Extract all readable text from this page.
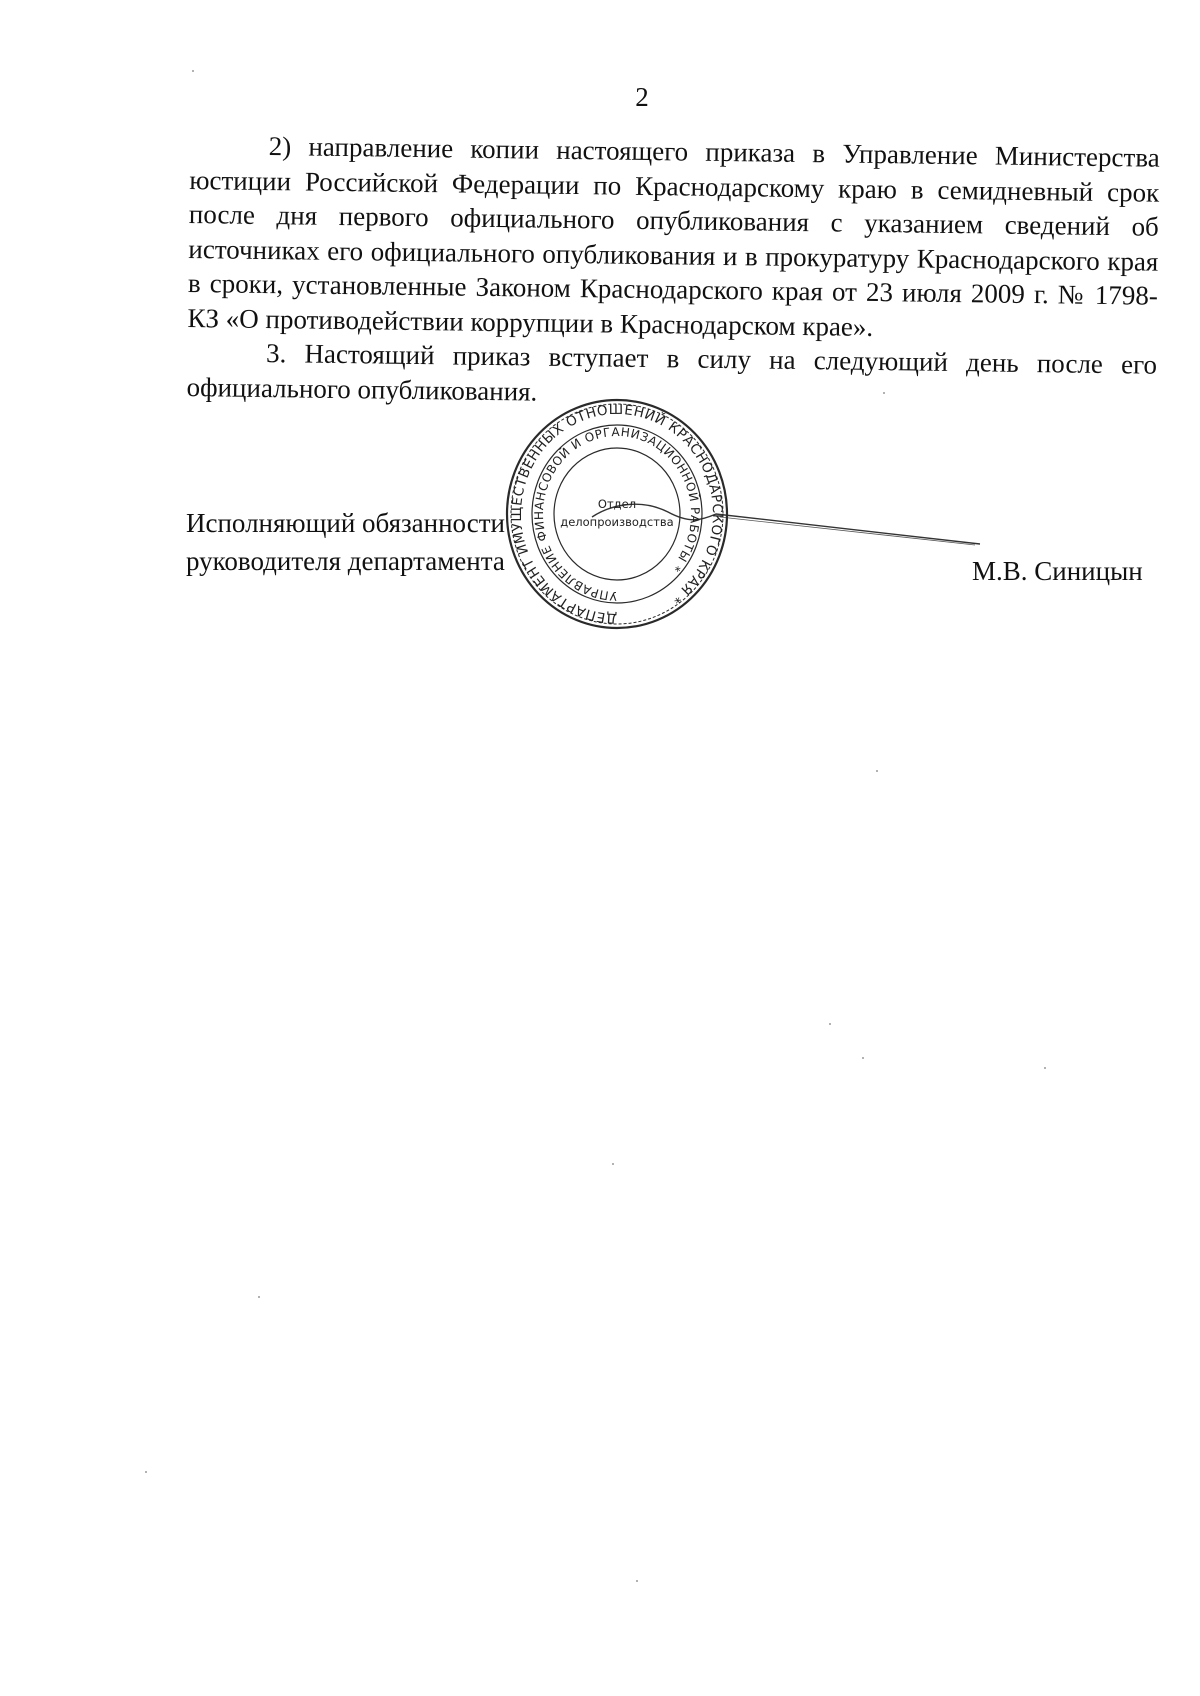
2

2) направление копии настоящего приказа в Управление Министерства юстиции Российской Федерации по Краснодарскому краю в семидневный срок после дня первого официального опубликования с указанием сведений об источниках его официального опубликования и в прокуратуру Краснодарского края в сроки, установленные Законом Краснодарского края от 23 июля 2009 г. № 1798-КЗ «О противодействии коррупции в Краснодарском крае».

3. Настоящий приказ вступает в силу на следующий день после его официального опубликования.

Исполняющий обязанности
руководителя департамента	М.В. Синицын
ДЕПАРТАМЕНТ ИМУЩЕСТВЕННЫХ ОТНОШЕНИЙ КРАСНОДАРСКОГО КРАЯ *
УПРАВЛЕНИЕ ФИНАНСОВОЙ И ОРГАНИЗАЦИОННОЙ РАБОТЫ *
Отдел
делопроизводства
